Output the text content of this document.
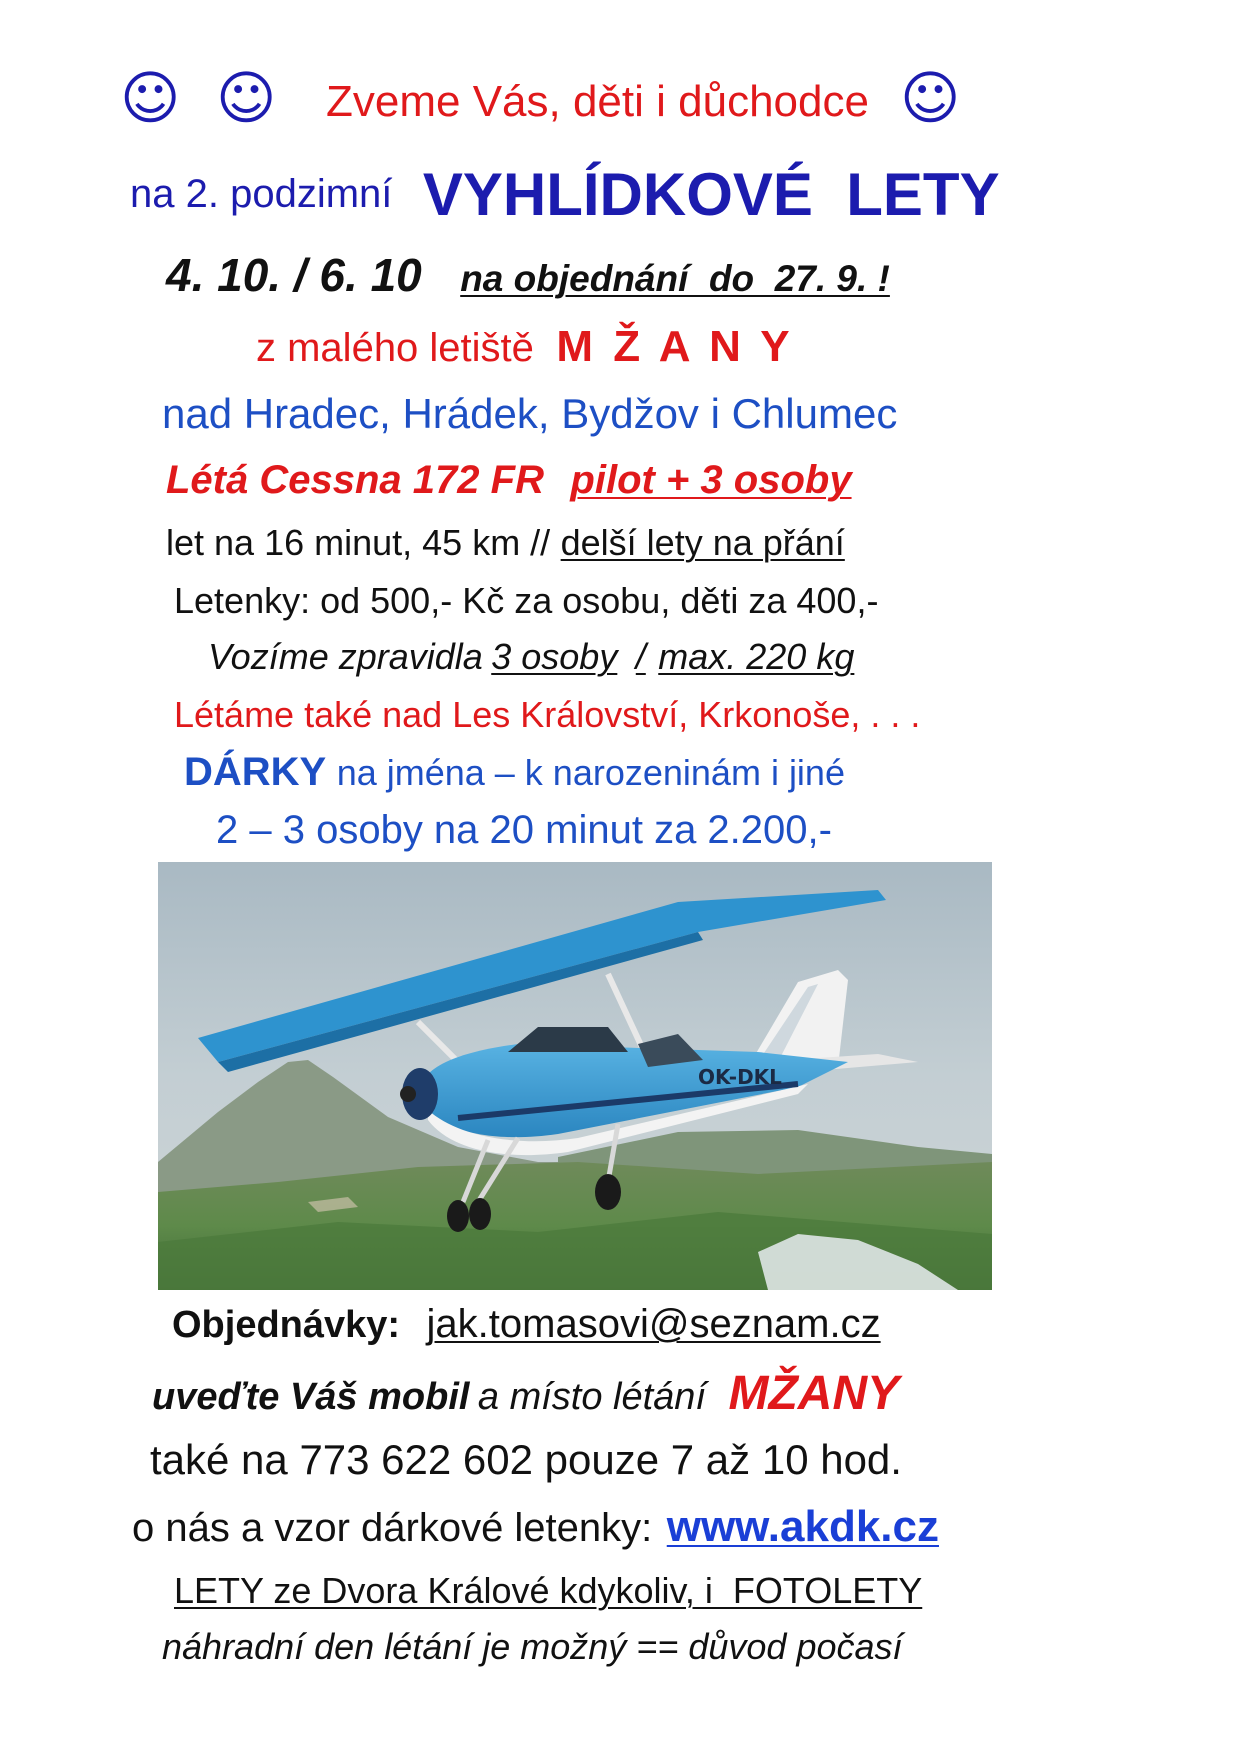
☺ ☺ Zveme Vás, děti i důchodce ☺
na 2. podzimní VYHLÍDKOVÉ  LETY
4. 10. / 6. 10 na objednání  do  27. 9. !
z malého letiště M Ž A N Y
nad Hradec, Hrádek, Bydžov i Chlumec
Létá Cessna 172 FR pilot + 3 osoby
let na 16 minut, 45 km // delší lety na přání
Letenky: od 500,- Kč za osobu, děti za 400,-
Vozíme zpravidla 3 osoby / max. 220 kg
Létáme také nad Les Království, Krkonoše, . . .
DÁRKY na jména – k narozeninám i jiné
2 – 3 osoby na 20 minut za 2.200,-
OK-DKL
Objednávky: jak.tomasovi@seznam.cz
uveďte Váš mobil a místo létání MŽANY
také na 773 622 602 pouze 7 až 10 hod.
o nás a vzor dárkové letenky: www.akdk.cz
LETY ze Dvora Králové kdykoliv, i  FOTOLETY
náhradní den létání je možný == důvod počasí
